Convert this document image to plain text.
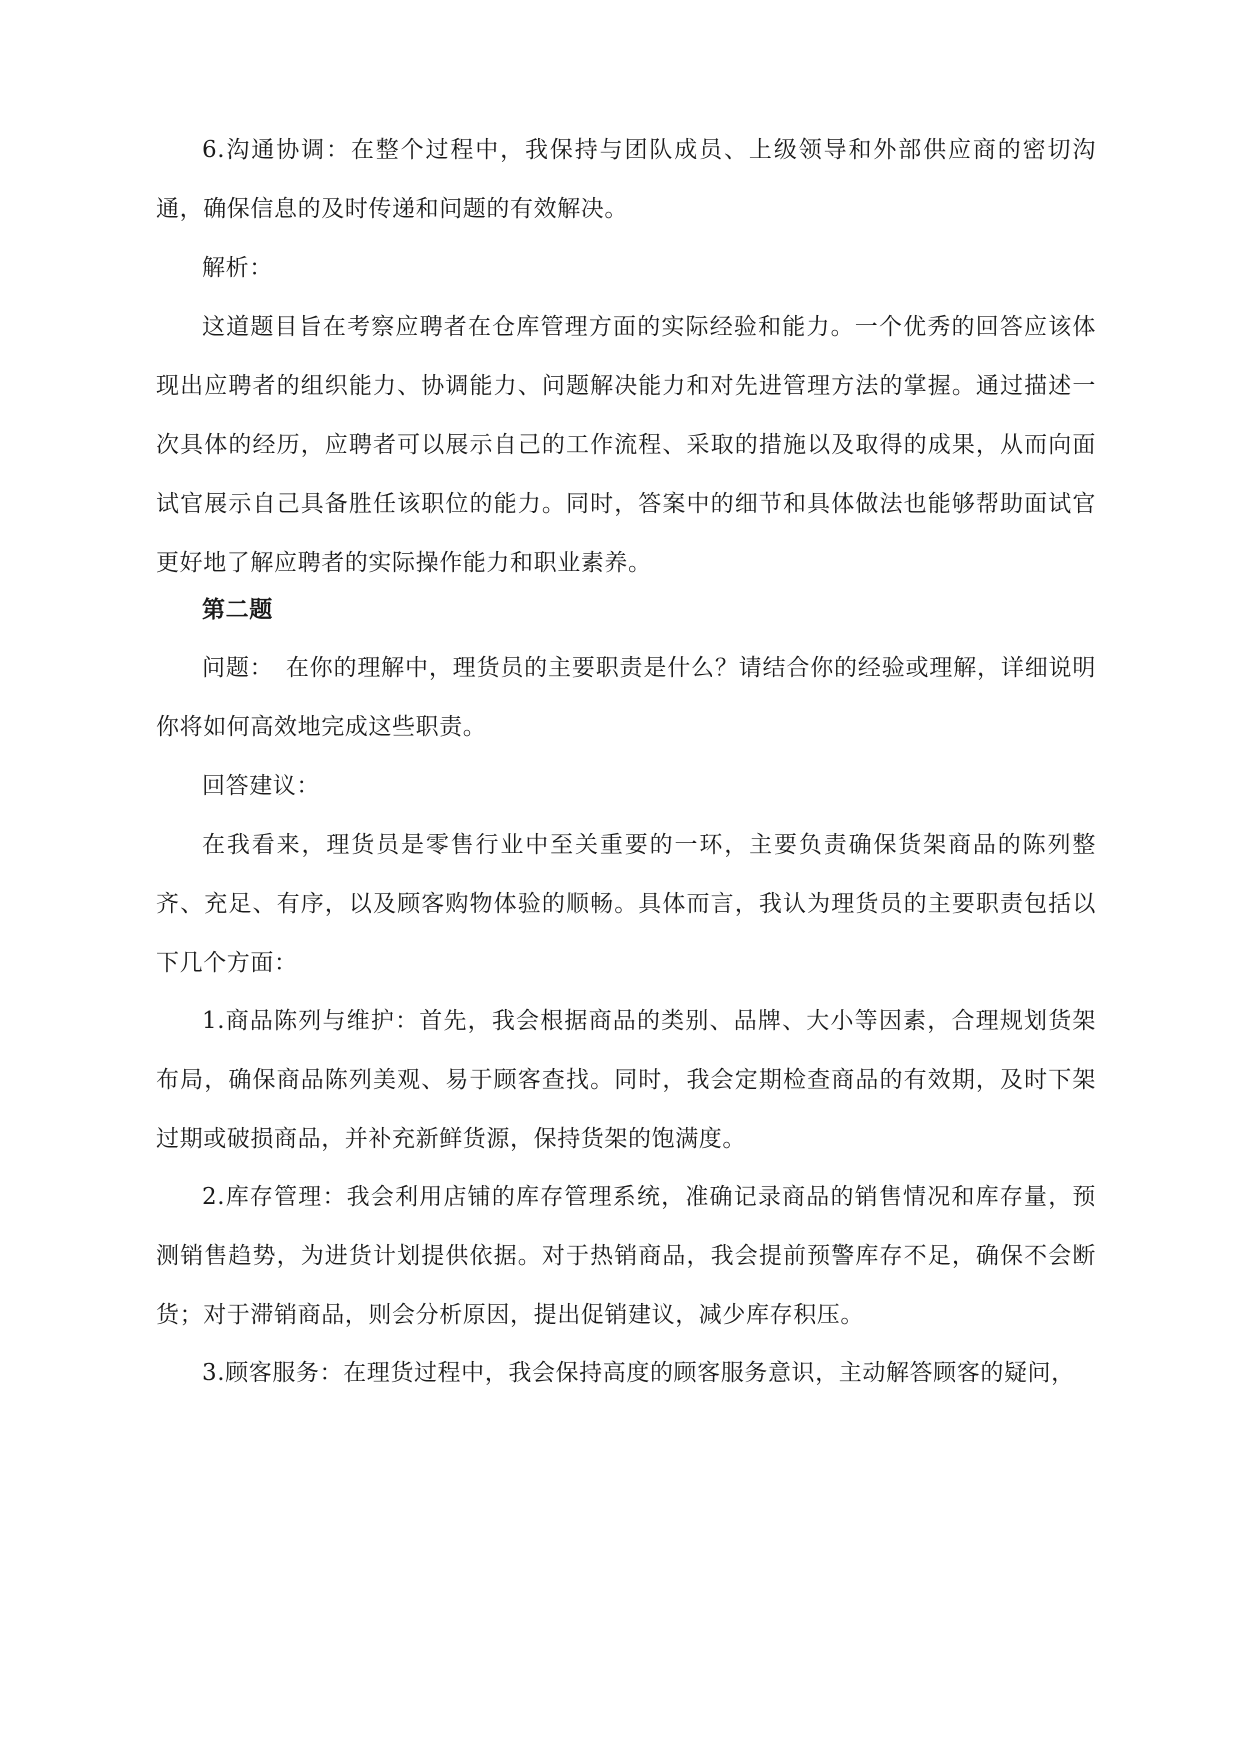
6.沟通协调：在整个过程中，我保持与团队成员、上级领导和外部供应商的密切沟通，确保信息的及时传递和问题的有效解决。

解析：

这道题目旨在考察应聘者在仓库管理方面的实际经验和能力。一个优秀的回答应该体现出应聘者的组织能力、协调能力、问题解决能力和对先进管理方法的掌握。通过描述一次具体的经历，应聘者可以展示自己的工作流程、采取的措施以及取得的成果，从而向面试官展示自己具备胜任该职位的能力。同时，答案中的细节和具体做法也能够帮助面试官更好地了解应聘者的实际操作能力和职业素养。

第二题

问题：　在你的理解中，理货员的主要职责是什么？请结合你的经验或理解，详细说明你将如何高效地完成这些职责。

回答建议：

在我看来，理货员是零售行业中至关重要的一环，主要负责确保货架商品的陈列整齐、充足、有序，以及顾客购物体验的顺畅。具体而言，我认为理货员的主要职责包括以下几个方面：

1.商品陈列与维护：首先，我会根据商品的类别、品牌、大小等因素，合理规划货架布局，确保商品陈列美观、易于顾客查找。同时，我会定期检查商品的有效期，及时下架过期或破损商品，并补充新鲜货源，保持货架的饱满度。

2.库存管理：我会利用店铺的库存管理系统，准确记录商品的销售情况和库存量，预测销售趋势，为进货计划提供依据。对于热销商品，我会提前预警库存不足，确保不会断货；对于滞销商品，则会分析原因，提出促销建议，减少库存积压。

3.顾客服务：在理货过程中，我会保持高度的顾客服务意识，主动解答顾客的疑问，
